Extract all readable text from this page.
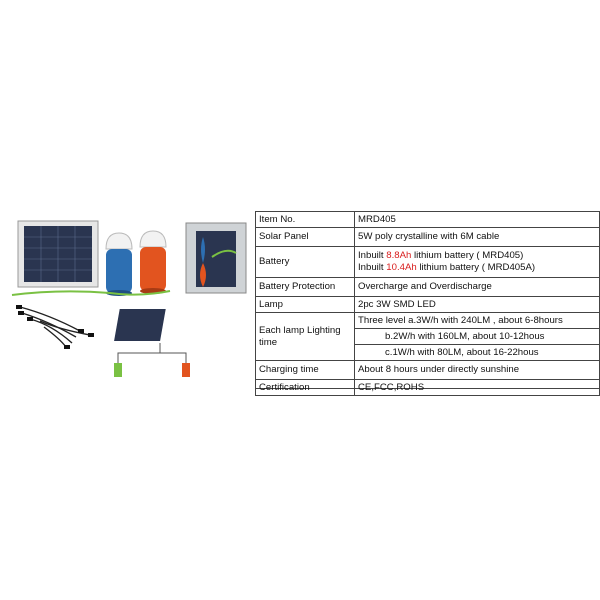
Item No.	MRD405
Solar Panel	5W poly crystalline with 6M cable
Battery	Inbuilt 8.8Ah lithium battery ( MRD405)
Inbuilt 10.4Ah lithium battery ( MRD405A)

Battery Protection	Overcharge and Overdischarge
Lamp	2pc 3W SMD LED
Each lamp Lighting time	Three level a.3W/h with 240LM , about 6-8hours
	b.2W/h with 160LM, about 10-12hous
	c.1W/h with 80LM, about 16-22hous
Charging time	About 8 hours under directly sunshine
Certification	CE,FCC,ROHS
